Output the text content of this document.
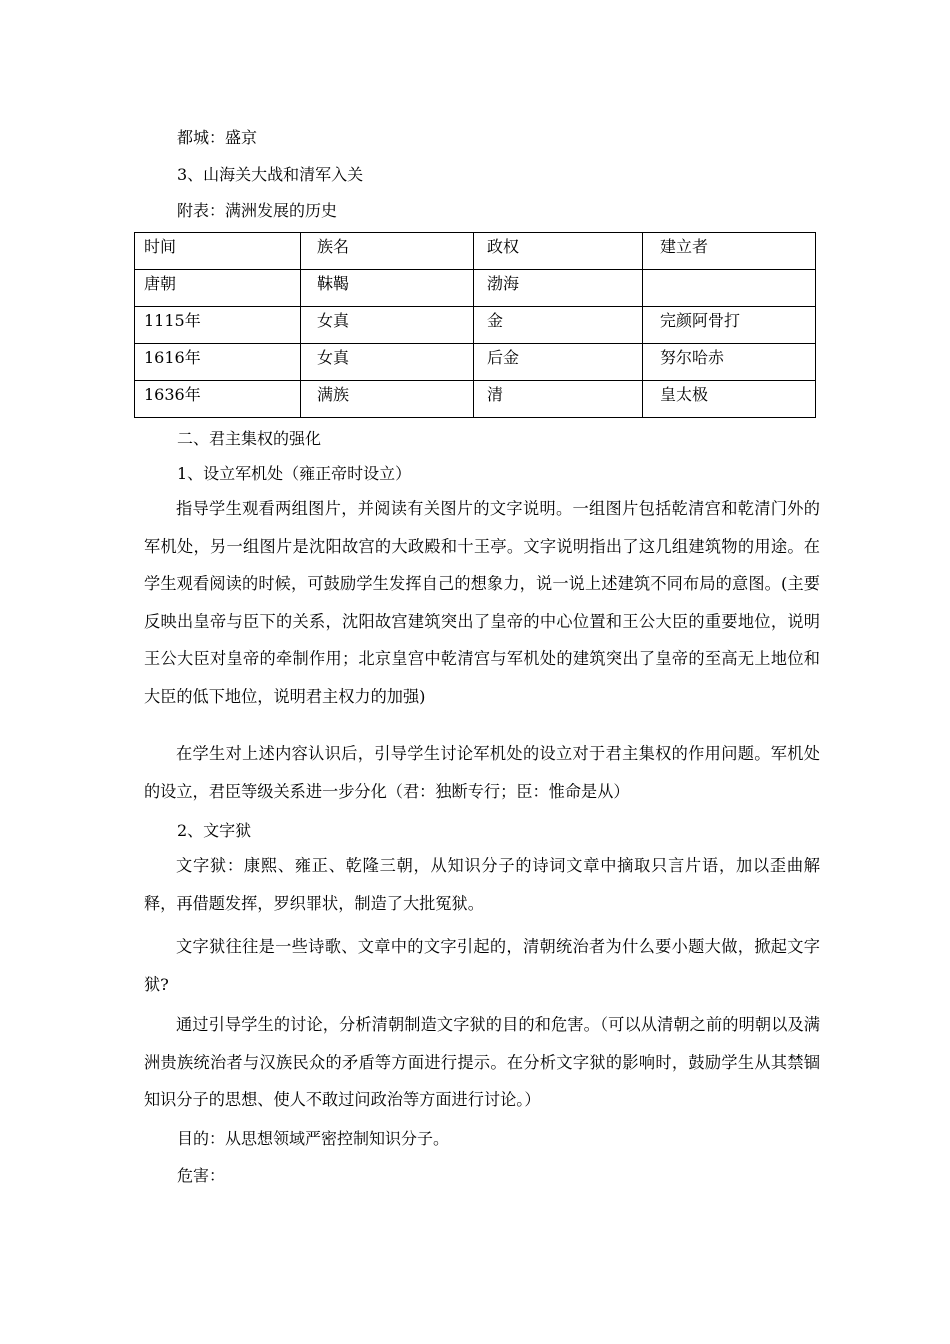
都城：盛京
3、山海关大战和清军入关
附表：满洲发展的历史
时间	族名	政权	建立者
唐朝	靺鞨	渤海	
1115年	女真	金	完颜阿骨打
1616年	女真	后金	努尔哈赤
1636年	满族	清	皇太极
二、君主集权的强化
1、设立军机处（雍正帝时设立）
指导学生观看两组图片，并阅读有关图片的文字说明。一组图片包括乾清宫和乾清门外的军机处，另一组图片是沈阳故宫的大政殿和十王亭。文字说明指出了这几组建筑物的用途。在学生观看阅读的时候，可鼓励学生发挥自己的想象力，说一说上述建筑不同布局的意图。(主要反映出皇帝与臣下的关系，沈阳故宫建筑突出了皇帝的中心位置和王公大臣的重要地位，说明王公大臣对皇帝的牵制作用；北京皇宫中乾清宫与军机处的建筑突出了皇帝的至高无上地位和大臣的低下地位，说明君主权力的加强)
在学生对上述内容认识后，引导学生讨论军机处的设立对于君主集权的作用问题。军机处的设立，君臣等级关系进一步分化（君：独断专行；臣：惟命是从）
2、文字狱
文字狱：康熙、雍正、乾隆三朝，从知识分子的诗词文章中摘取只言片语，加以歪曲解释，再借题发挥，罗织罪状，制造了大批冤狱。
文字狱往往是一些诗歌、文章中的文字引起的，清朝统治者为什么要小题大做，掀起文字狱?
通过引导学生的讨论，分析清朝制造文字狱的目的和危害。（可以从清朝之前的明朝以及满洲贵族统治者与汉族民众的矛盾等方面进行提示。在分析文字狱的影响时，鼓励学生从其禁锢知识分子的思想、使人不敢过问政治等方面进行讨论。）
目的：从思想领域严密控制知识分子。
危害：
